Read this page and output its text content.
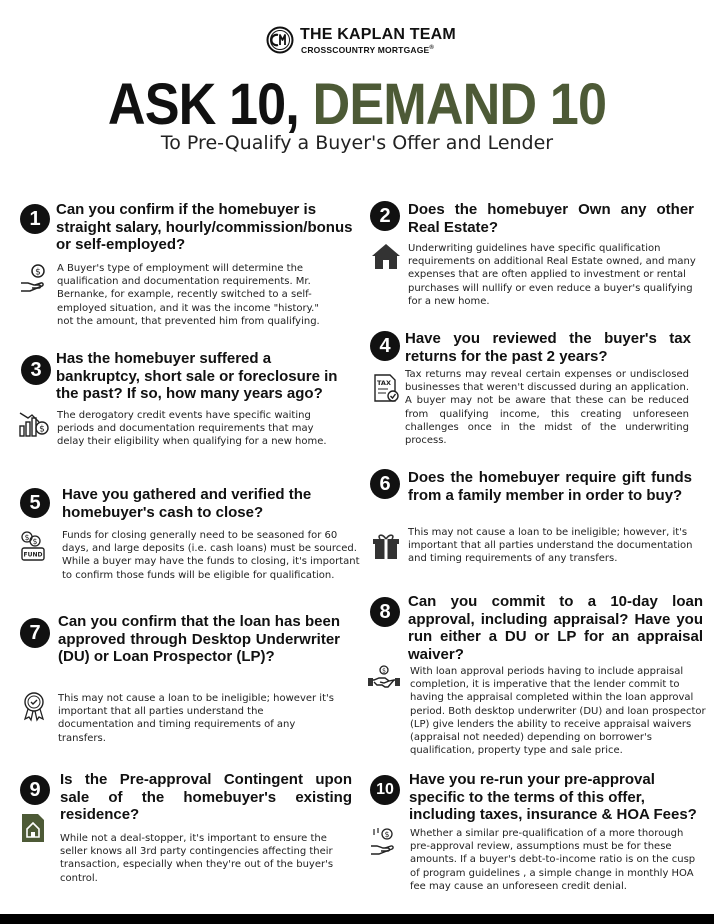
THE KAPLAN TEAM
CROSSCOUNTRY MORTGAGE®
ASK 10, DEMAND 10
To Pre-Qualify a Buyer's Offer and Lender
1	Can you confirm if the homebuyer is straight salary, hourly/commission/bonus or self-employed?
$ A Buyer's type of employment will determine the qualification and documentation requirements. Mr. Bernanke, for example, recently switched to a self- employed situation, and it was the income "history." not the amount, that prevented him from qualifying.
2	Does the homebuyer Own any other Real Estate?
Underwriting guidelines have specific qualification requirements on additional Real Estate owned, and many expenses that are often applied to investment or rental purchases will nullify or even reduce a buyer's qualifying for a new home.
3
Has the homebuyer suffered a bankruptcy, short sale or foreclosure in the past? If so, how many years ago?
$
The derogatory credit events have specific waiting periods and documentation requirements that may delay their eligibility when qualifying for a new home.
4 Have you reviewed the buyer's tax returns for the past 2 years?
TAX
Tax returns may reveal certain expenses or undisclosed businesses that weren't discussed during an application. A buyer may not be aware that these can be reduced from qualifying income, this creating unforeseen challenges once in the midst of the underwriting process.
5	Have you gathered and verified the homebuyer's cash to close?
$ $
FUND
Funds for closing generally need to be seasoned for 60 days, and large deposits (i.e. cash loans) must be sourced. While a buyer may have the funds to closing, it's important to confirm those funds will be eligible for qualification.
6	Does the homebuyer require gift funds from a family member in order to buy?
This may not cause a loan to be ineligible; however, it's important that all parties understand the documentation and timing requirements of any transfers.
7
Can you confirm that the loan has been approved through Desktop Underwriter (DU) or Loan Prospector (LP)?
This may not cause a loan to be ineligible; however it's important that all parties understand the documentation and timing requirements of any transfers.
8	Can you commit to a 10-day loan approval, including appraisal? Have you run either a DU or LP for an appraisal waiver?
$ With loan approval periods having to include appraisal completion, it is imperative that the lender commit to having the appraisal completed within the loan approval period. Both desktop underwriter (DU) and loan prospector (LP) give lenders the ability to receive appraisal waivers (appraisal not needed) depending on borrower's qualification, property type and sale price.
9	Is the Pre-approval Contingent upon sale of the homebuyer's existing residence?
While not a deal-stopper, it's important to ensure the seller knows all 3rd party contingencies affecting their transaction, especially when they're out of the buyer's control.
10
Have you re-run your pre-approval specific to the terms of this offer, including taxes, insurance & HOA Fees?
$ Whether a similar pre-qualification of a more thorough pre-approval review, assumptions must be for these amounts. If a buyer's debt-to-income ratio is on the cusp of program guidelines , a simple change in monthly HOA fee may cause an unforeseen credit denial.
